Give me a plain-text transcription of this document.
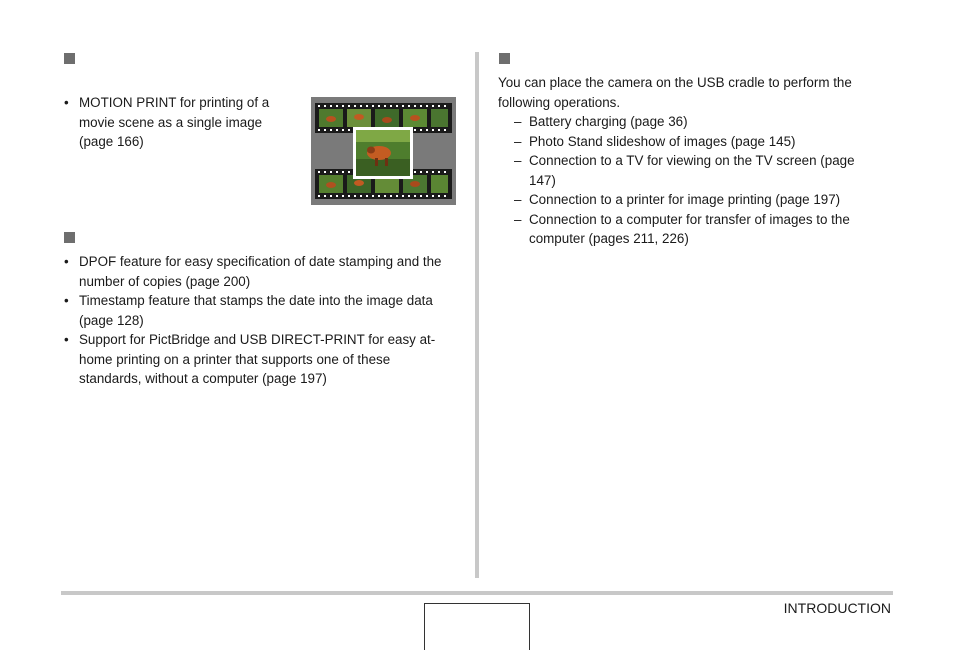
• MOTION PRINT for printing of a
movie scene as a single image
(page 166)
• DPOF feature for easy specification of date stamping and the
number of copies (page 200)
• Timestamp feature that stamps the date into the image data
(page 128)
• Support for PictBridge and USB DIRECT-PRINT for easy at-
home printing on a printer that supports one of these
standards, without a computer (page 197)

You can place the camera on the USB cradle to perform the
following operations.

– Battery charging (page 36)
– Photo Stand slideshow of images (page 145)
– Connection to a TV for viewing on the TV screen (page
147)
– Connection to a printer for image printing (page 197)
– Connection to a computer for transfer of images to the
computer (pages 211, 226)
INTRODUCTION
